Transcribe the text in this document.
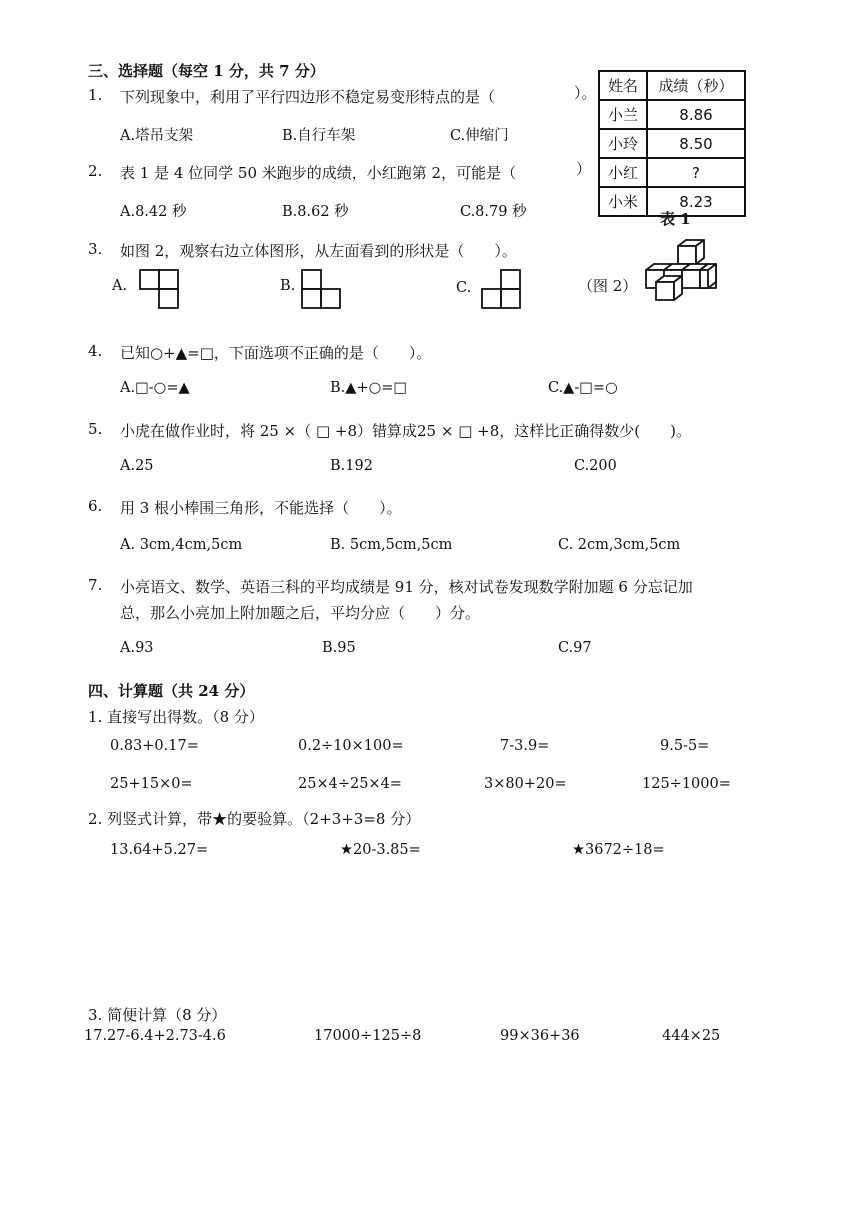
三、选择题（每空 1 分，共 7 分）
1. 下列现象中，利用了平行四边形不稳定易变形特点的是（	）。
A.塔吊支架	B.自行车架	C.伸缩门
2. 表 1 是 4 位同学 50 米跑步的成绩，小红跑第 2，可能是（	）
A.8.42 秒	B.8.62 秒	C.8.79 秒
姓名	成绩（秒）
小兰	8.86
小玲	8.50
小红	?
小米	8.23
表 1
3. 如图 2，观察右边立体图形，从左面看到的形状是（　　）。
A.	B.	C.	（图 2）
4. 已知○+▲=□，下面选项不正确的是（　　）。
A.□-○=▲	B.▲+○=□	C.▲-□=○
5. 小虎在做作业时，将 25 ×（ □ +8）错算成25 × □ +8，这样比正确得数少(　　)。
A.25	B.192	C.200
6. 用 3 根小棒围三角形，不能选择（　　）。
A. 3cm,4cm,5cm	B. 5cm,5cm,5cm	C. 2cm,3cm,5cm
7. 小亮语文、数学、英语三科的平均成绩是 91 分，核对试卷发现数学附加题 6 分忘记加
总，那么小亮加上附加题之后，平均分应（　　）分。
A.93	B.95	C.97
四、计算题（共 24 分）
1. 直接写出得数。（8 分）
0.83+0.17=	0.2÷10×100=	7-3.9=	9.5-5=
25+15×0=	25×4÷25×4=	3×80+20=	125÷1000=
2. 列竖式计算，带★的要验算。（2+3+3=8 分）
13.64+5.27=	★20-3.85=	★3672÷18=
3. 简便计算（8 分）
17.27-6.4+2.73-4.6	17000÷125÷8	99×36+36	444×25
